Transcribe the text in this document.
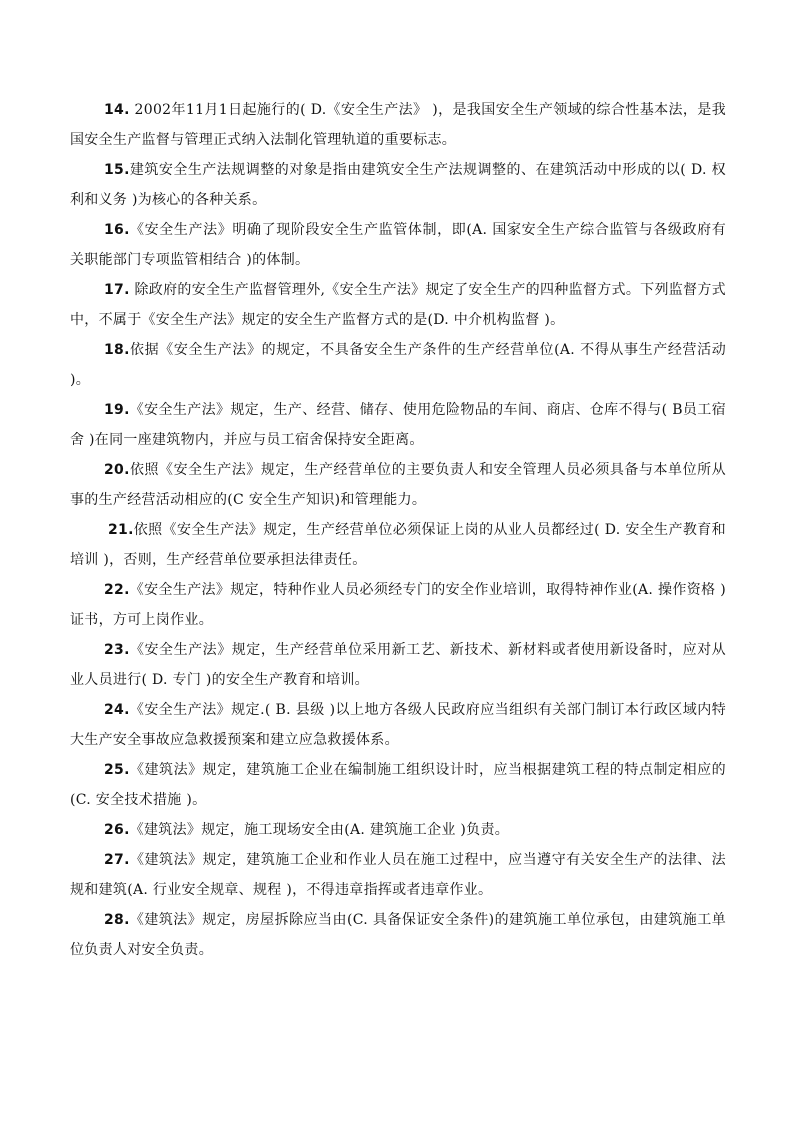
14. 2002年11月1日起施行的( D.《安全生产法》 )，是我国安全生产领域的综合性基本法，是我国安全生产监督与管理正式纳入法制化管理轨道的重要标志。

15.建筑安全生产法规调整的对象是指由建筑安全生产法规调整的、在建筑活动中形成的以( D. 权利和义务 )为核心的各种关系。

16.《安全生产法》明确了现阶段安全生产监管体制，即(A. 国家安全生产综合监管与各级政府有关职能部门专项监管相结合 )的体制。

17. 除政府的安全生产监督管理外,《安全生产法》规定了安全生产的四种监督方式。下列监督方式中，不属于《安全生产法》规定的安全生产监督方式的是(D. 中介机构监督 )。

18.依据《安全生产法》的规定，不具备安全生产条件的生产经营单位(A. 不得从事生产经营活动 )。

19.《安全生产法》规定，生产、经营、储存、使用危险物品的车间、商店、仓库不得与( B员工宿舍 )在同一座建筑物内，并应与员工宿舍保持安全距离。

20.依照《安全生产法》规定，生产经营单位的主要负责人和安全管理人员必须具备与本单位所从事的生产经营活动相应的(C 安全生产知识)和管理能力。

21.依照《安全生产法》规定，生产经营单位必须保证上岗的从业人员都经过( D. 安全生产教育和培训 )，否则，生产经营单位要承担法律责任。

22.《安全生产法》规定，特种作业人员必须经专门的安全作业培训，取得特神作业(A. 操作资格 )证书，方可上岗作业。

23.《安全生产法》规定，生产经营单位采用新工艺、新技术、新材料或者使用新设备时，应对从业人员进行( D. 专门 )的安全生产教育和培训。

24.《安全生产法》规定.( B. 县级 )以上地方各级人民政府应当组织有关部门制订本行政区域内特大生产安全事故应急救援预案和建立应急救援体系。

25.《建筑法》规定，建筑施工企业在编制施工组织设计时，应当根据建筑工程的特点制定相应的(C. 安全技术措施 )。

26.《建筑法》规定，施工现场安全由(A. 建筑施工企业 )负责。

27.《建筑法》规定，建筑施工企业和作业人员在施工过程中，应当遵守有关安全生产的法律、法规和建筑(A. 行业安全规章、规程 )，不得违章指挥或者违章作业。

28.《建筑法》规定，房屋拆除应当由(C. 具备保证安全条件)的建筑施工单位承包，由建筑施工单位负责人对安全负责。
